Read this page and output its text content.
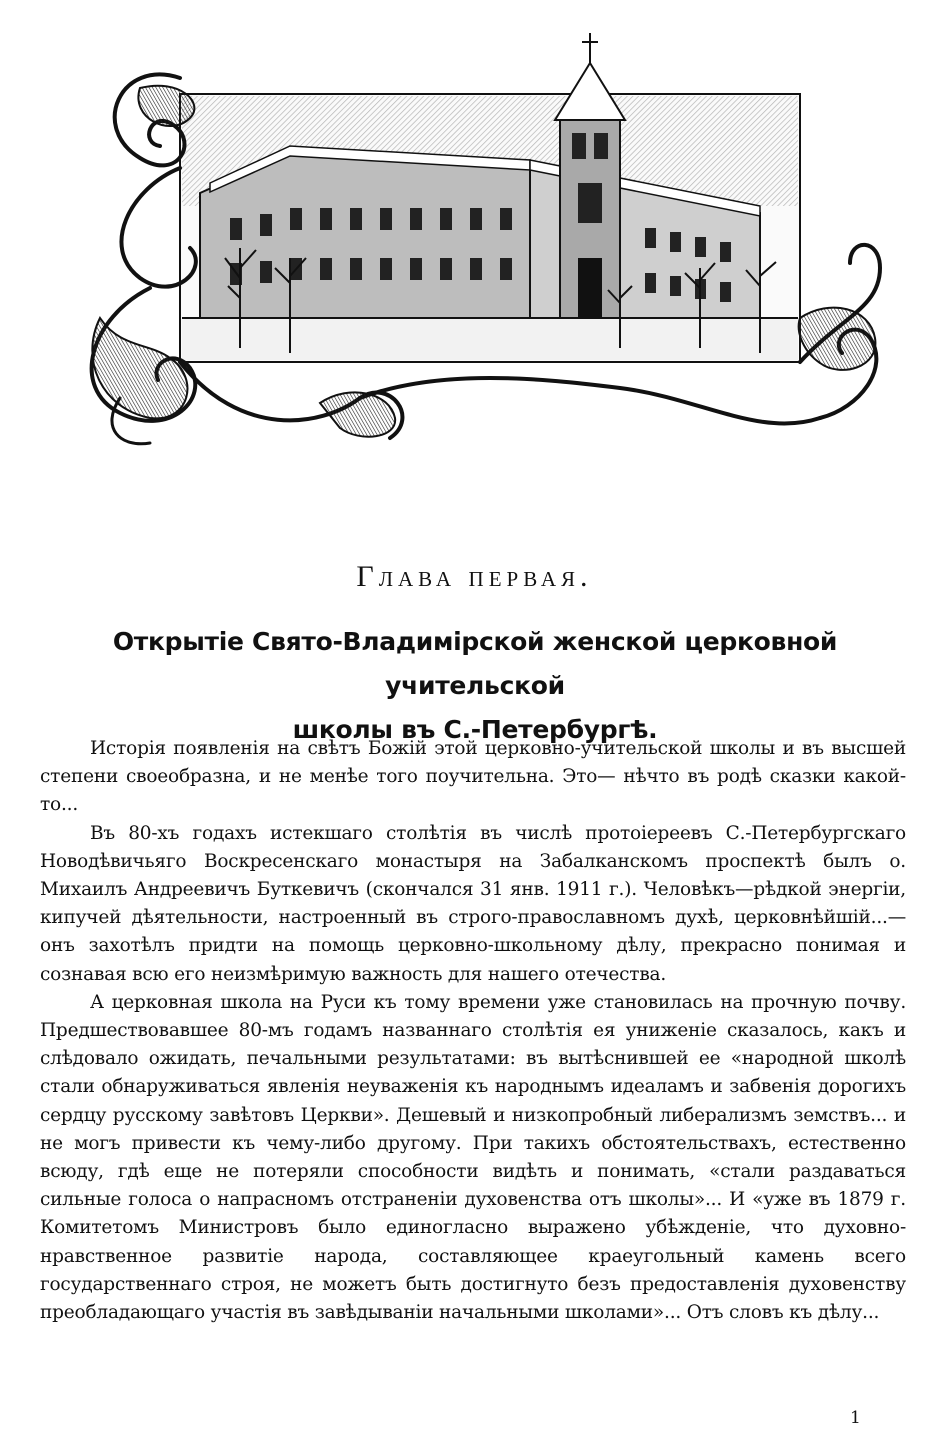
Глава первая.
Открытіе Свято-Владимірской женской церковной учительской
школы въ С.-Петербургѣ.

Исторія появленія на свѣтъ Божій этой церковно-учительской школы и въ высшей степени своеобразна, и не менѣе того поучительна. Это— нѣчто въ родѣ сказки какой-то...

Въ 80-хъ годахъ истекшаго столѣтія въ числѣ протоіереевъ С.-Петербургскаго Новодѣвичьяго Воскресенскаго монастыря на Забалканскомъ проспектѣ былъ о. Михаилъ Андреевичъ Буткевичъ (скончался 31 янв. 1911 г.). Человѣкъ—рѣдкой энергіи, кипучей дѣятельности, настроенный въ строго-православномъ духѣ, церковнѣйшій...—онъ захотѣлъ придти на помощь церковно-школьному дѣлу, прекрасно понимая и сознавая всю его неизмѣримую важность для нашего отечества.

А церковная школа на Руси къ тому времени уже становилась на прочную почву. Предшествовавшее 80-мъ годамъ названнаго столѣтія ея униженіе сказалось, какъ и слѣдовало ожидать, печальными результатами: въ вытѣснившей ее «народной школѣ стали обнаруживаться явленія неуваженія къ народнымъ идеаламъ и забвенія дорогихъ сердцу русскому завѣтовъ Церкви». Дешевый и низкопробный либерализмъ земствъ... и не могъ привести къ чему-либо другому. При такихъ обстоятельствахъ, естественно всюду, гдѣ еще не потеряли способности видѣть и понимать, «стали раздаваться сильные голоса о напрасномъ отстраненіи духовенства отъ школы»... И «уже въ 1879 г. Комитетомъ Министровъ было единогласно выражено убѣжденіе, что духовно-нравственное развитіе народа, составляющее краеугольный камень всего государственнаго строя, не можетъ быть достигнуто безъ предоставленія духовенству преобладающаго участія въ завѣдываніи начальными школами»... Отъ словъ къ дѣлу...

1
